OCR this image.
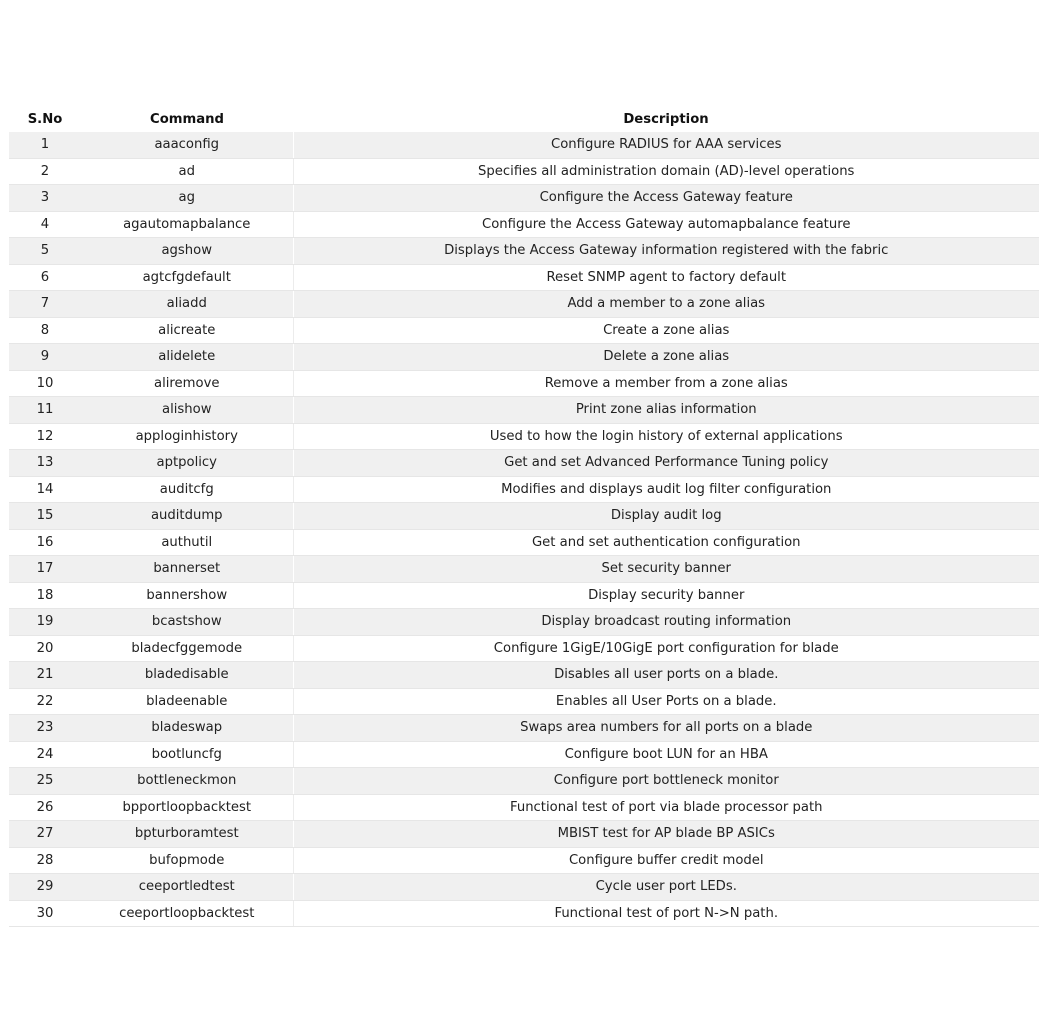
S.No	Command	Description
1	aaaconfig	Configure RADIUS for AAA services
2	ad	Specifies all administration domain (AD)-level operations
3	ag	Configure the Access Gateway feature
4	agautomapbalance	Configure the Access Gateway automapbalance feature
5	agshow	Displays the Access Gateway information registered with the fabric
6	agtcfgdefault	Reset SNMP agent to factory default
7	aliadd	Add a member to a zone alias
8	alicreate	Create a zone alias
9	alidelete	Delete a zone alias
10	aliremove	Remove a member from a zone alias
11	alishow	Print zone alias information
12	apploginhistory	Used to how the login history of external applications
13	aptpolicy	Get and set Advanced Performance Tuning policy
14	auditcfg	Modifies and displays audit log filter configuration
15	auditdump	Display audit log
16	authutil	Get and set authentication configuration
17	bannerset	Set security banner
18	bannershow	Display security banner
19	bcastshow	Display broadcast routing information
20	bladecfggemode	Configure 1GigE/10GigE port configuration for blade
21	bladedisable	Disables all user ports on a blade.
22	bladeenable	Enables all User Ports on a blade.
23	bladeswap	Swaps area numbers for all ports on a blade
24	bootluncfg	Configure boot LUN for an HBA
25	bottleneckmon	Configure port bottleneck monitor
26	bpportloopbacktest	Functional test of port via blade processor path
27	bpturboramtest	MBIST test for AP blade BP ASICs
28	bufopmode	Configure buffer credit model
29	ceeportledtest	Cycle user port LEDs.
30	ceeportloopbacktest	Functional test of port N->N path.
